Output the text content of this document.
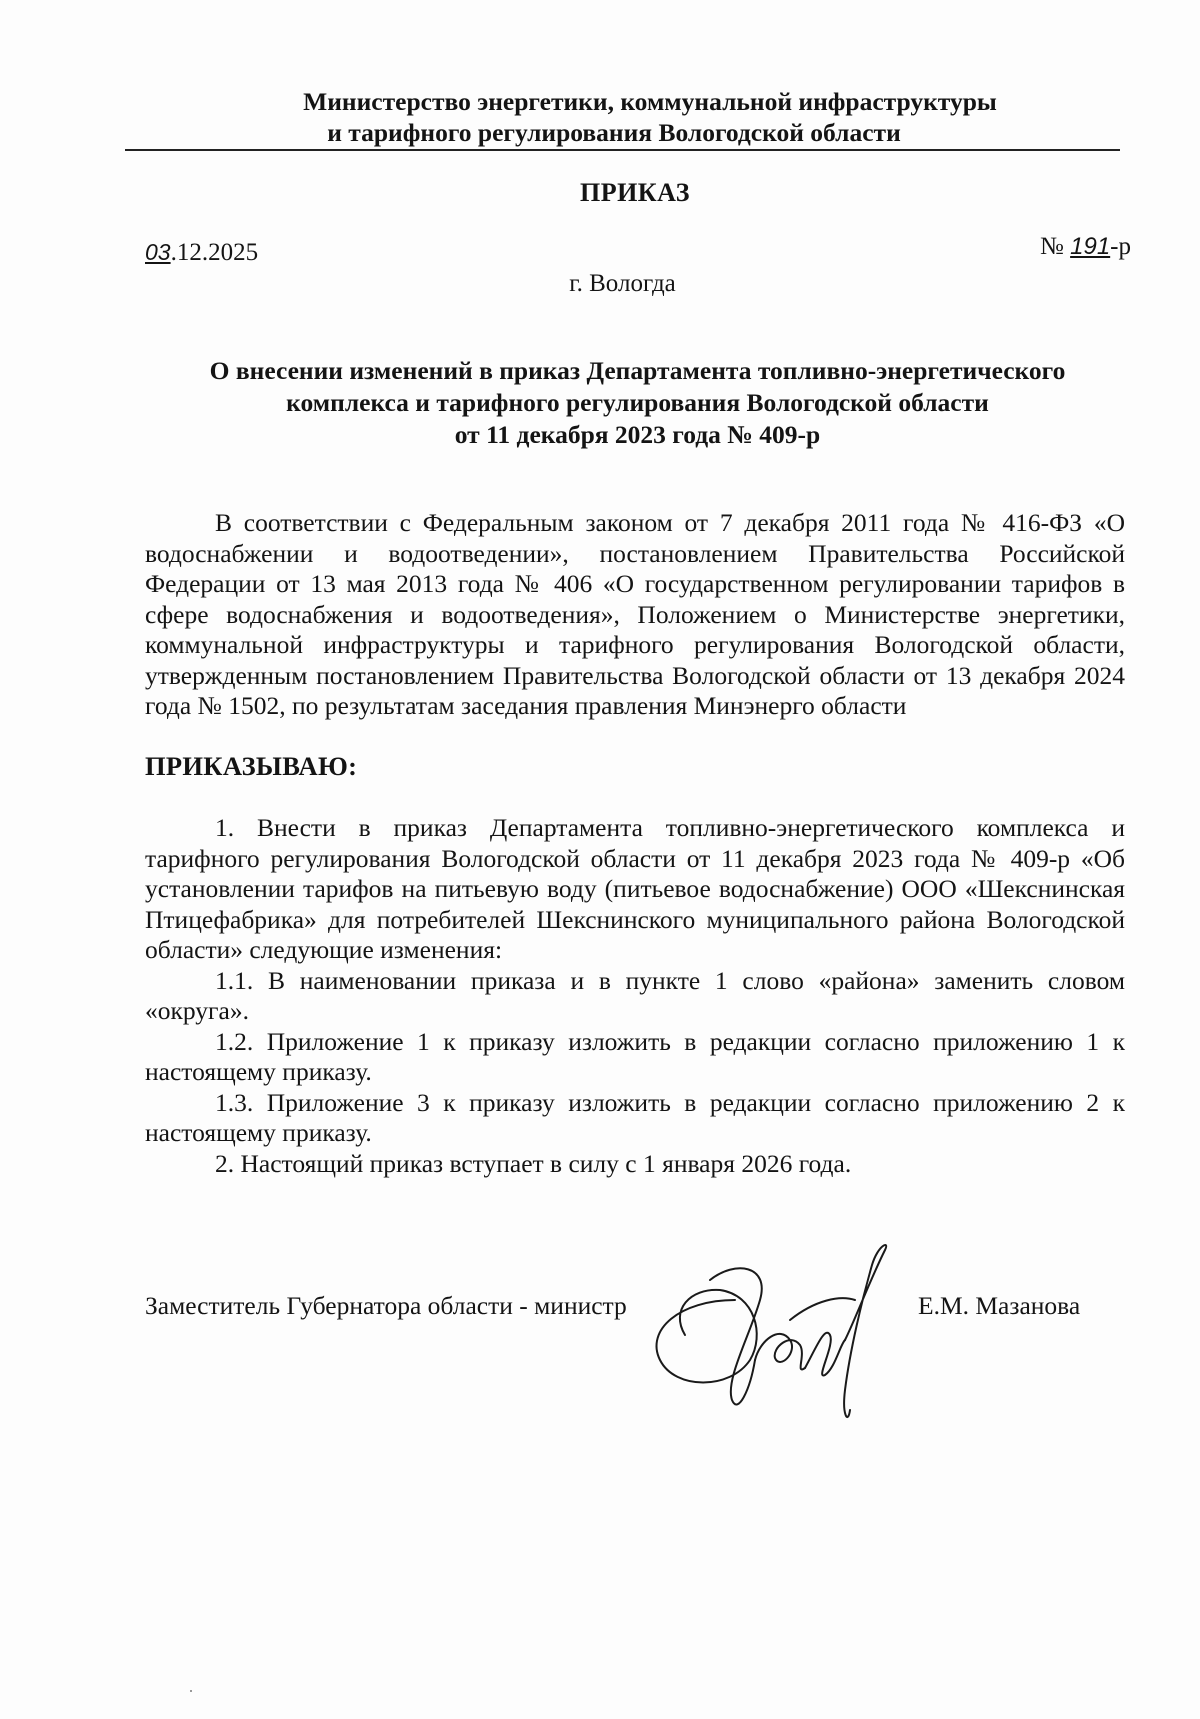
Министерство энергетики, коммунальной инфраструктуры
и тарифного регулирования Вологодской области
ПРИКАЗ
03.12.2025	№ 191-р
г. Вологда
О внесении изменений в приказ Департамента топливно-энергетического
комплекса и тарифного регулирования Вологодской области
от 11 декабря 2023 года № 409-р

В соответствии с Федеральным законом от 7 декабря 2011 года № 416-ФЗ «О водоснабжении и водоотведении», постановлением Правительства Российской Федерации от 13 мая 2013 года № 406 «О государственном регулировании тарифов в сфере водоснабжения и водоотведения», Положением о Министерстве энергетики, коммунальной инфраструктуры и тарифного регулирования Вологодской области, утвержденным постановлением Правительства Вологодской области от 13 декабря 2024 года № 1502, по результатам заседания правления Минэнерго области

ПРИКАЗЫВАЮ:

1. Внести в приказ Департамента топливно-энергетического комплекса и тарифного регулирования Вологодской области от 11 декабря 2023 года № 409-р «Об установлении тарифов на питьевую воду (питьевое водоснабжение) ООО «Шекснинская Птицефабрика» для потребителей Шекснинского муниципального района Вологодской области» следующие изменения:

1.1. В наименовании приказа и в пункте 1 слово «района» заменить словом «округа».

1.2. Приложение 1 к приказу изложить в редакции согласно приложению 1 к настоящему приказу.

1.3. Приложение 3 к приказу изложить в редакции согласно приложению 2 к настоящему приказу.

2. Настоящий приказ вступает в силу с 1 января 2026 года.

Заместитель Губернатора области - министр	Е.М. Мазанова
